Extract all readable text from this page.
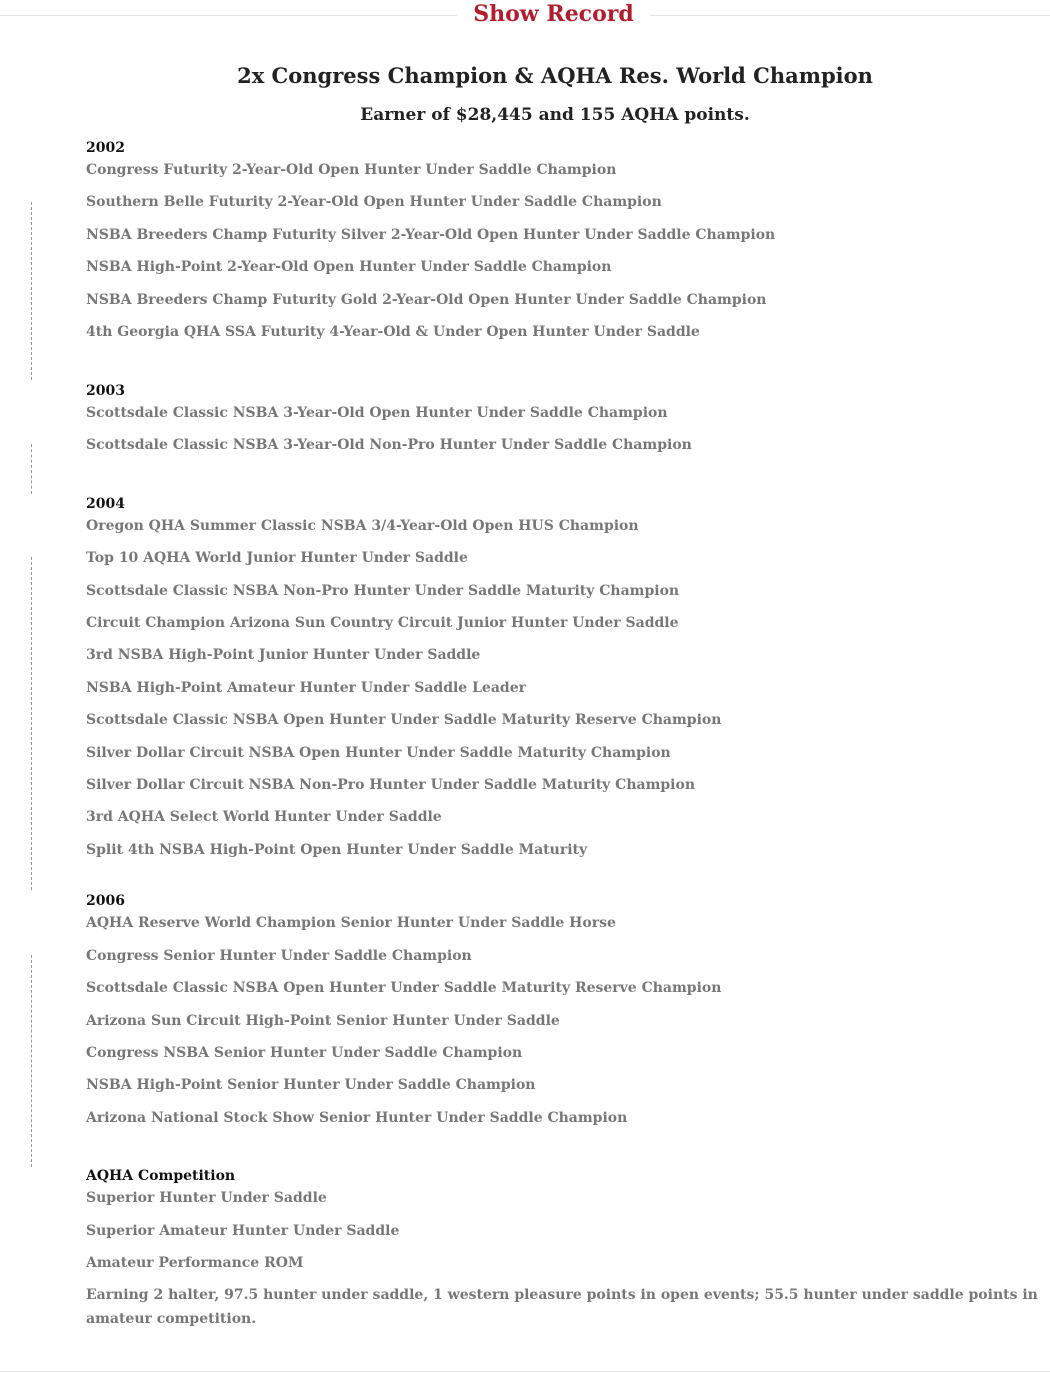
Show Record
2x Congress Champion & AQHA Res. World Champion
Earner of $28,445 and 155 AQHA points.
2002
Congress Futurity 2-Year-Old Open Hunter Under Saddle Champion
Southern Belle Futurity 2-Year-Old Open Hunter Under Saddle Champion
NSBA Breeders Champ Futurity Silver 2-Year-Old Open Hunter Under Saddle Champion
NSBA High-Point 2-Year-Old Open Hunter Under Saddle Champion
NSBA Breeders Champ Futurity Gold 2-Year-Old Open Hunter Under Saddle Champion
4th Georgia QHA SSA Futurity 4-Year-Old & Under Open Hunter Under Saddle
2003
Scottsdale Classic NSBA 3-Year-Old Open Hunter Under Saddle Champion
Scottsdale Classic NSBA 3-Year-Old Non-Pro Hunter Under Saddle Champion
2004
Oregon QHA Summer Classic NSBA 3/4-Year-Old Open HUS Champion
Top 10 AQHA World Junior Hunter Under Saddle
Scottsdale Classic NSBA Non-Pro Hunter Under Saddle Maturity Champion
Circuit Champion Arizona Sun Country Circuit Junior Hunter Under Saddle
3rd NSBA High-Point Junior Hunter Under Saddle
NSBA High-Point Amateur Hunter Under Saddle Leader
Scottsdale Classic NSBA Open Hunter Under Saddle Maturity Reserve Champion
Silver Dollar Circuit NSBA Open Hunter Under Saddle Maturity Champion
Silver Dollar Circuit NSBA Non-Pro Hunter Under Saddle Maturity Champion
3rd AQHA Select World Hunter Under Saddle
Split 4th NSBA High-Point Open Hunter Under Saddle Maturity
2006
AQHA Reserve World Champion Senior Hunter Under Saddle Horse
Congress Senior Hunter Under Saddle Champion
Scottsdale Classic NSBA Open Hunter Under Saddle Maturity Reserve Champion
Arizona Sun Circuit High-Point Senior Hunter Under Saddle
Congress NSBA Senior Hunter Under Saddle Champion
NSBA High-Point Senior Hunter Under Saddle Champion
Arizona National Stock Show Senior Hunter Under Saddle Champion
AQHA Competition
Superior Hunter Under Saddle
Superior Amateur Hunter Under Saddle
Amateur Performance ROM
Earning 2 halter, 97.5 hunter under saddle, 1 western pleasure points in open events; 55.5 hunter under saddle points in amateur competition.
